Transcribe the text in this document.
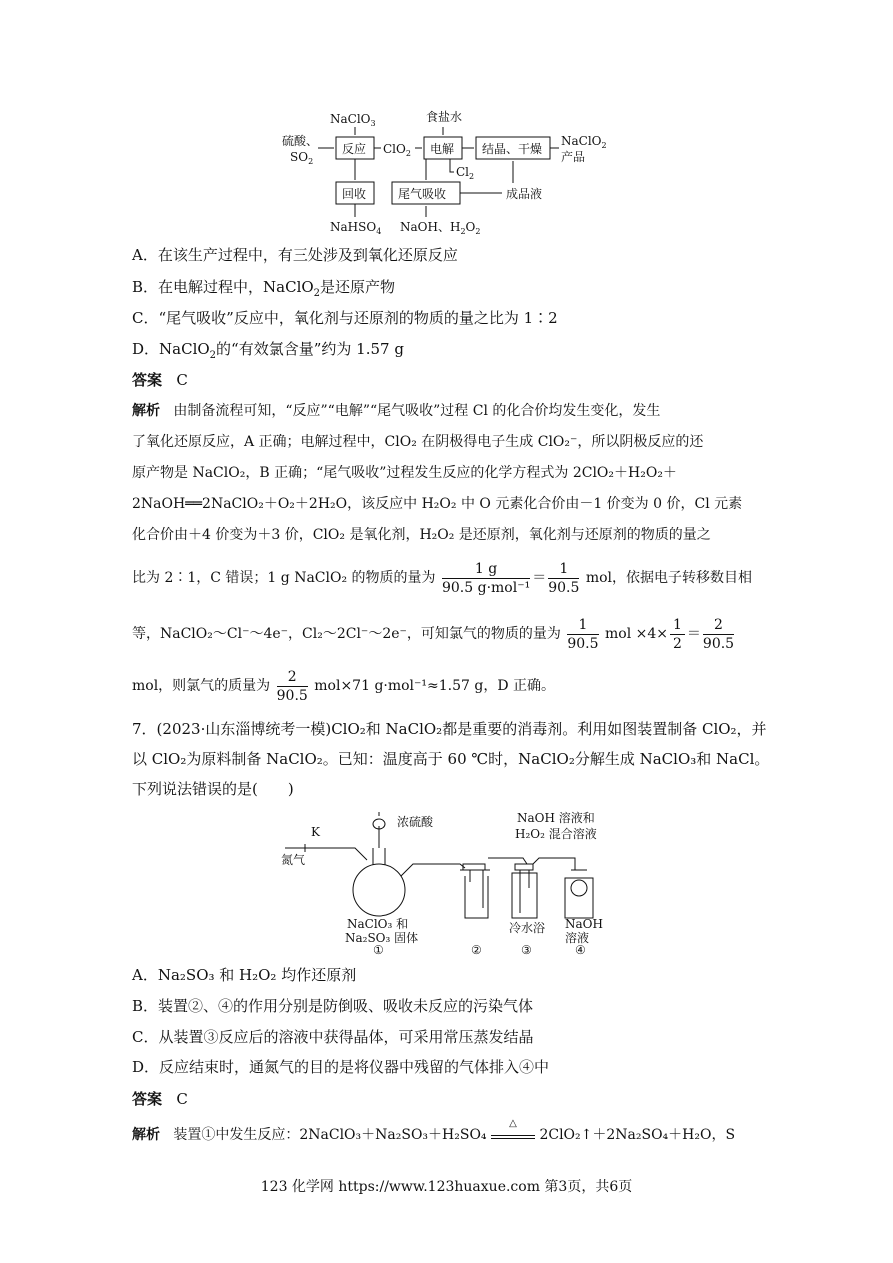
NaClO$_3$	食盐水
硫酸、
$SO_2$
反应 ClO$_2$ 电解 结晶、干燥
NaClO$_2$
产品
$Cl_2$
回收	尾气吸收	成品液
NaHSO$_4$ NaOH、$H_2O_2$
A．在该生产过程中，有三处涉及到氧化还原反应
B．在电解过程中，NaClO$_2$是还原产物
C．“尾气吸收”反应中，氧化剂与还原剂的物质的量之比为 1∶2
D．NaClO$_2$的“有效氯含量”约为 1.57 g
答案 C
解析 由制备流程可知，“反应”“电解”“尾气吸收”过程 Cl 的化合价均发生变化，发生
了氧化还原反应，A 正确；电解过程中，ClO₂ 在阴极得电子生成 ClO₂⁻，所以阴极反应的还
原产物是 NaClO₂，B 正确；“尾气吸收”过程发生反应的化学方程式为 2ClO₂＋H₂O₂＋
2NaOH══2NaClO₂＋O₂＋2H₂O，该反应中 H₂O₂ 中 O 元素化合价由－1 价变为 0 价，Cl 元素
化合价由＋4 价变为＋3 价，ClO₂ 是氧化剂，H₂O₂ 是还原剂，氧化剂与还原剂的物质的量之
比为 2∶1，C 错误；1 g NaClO₂ 的物质的量为 $\frac{1 g}{\text{90.5 g·mol⁻¹}} = \frac{1}{90.5}$ mol，依据电子转移数目相
等，NaClO₂～Cl⁻～4e⁻，Cl₂～2Cl⁻～2e⁻，可知氯气的物质的量为 $\frac{1}{90.5}$ mol $\times 4\times \frac{1}{2} = \frac{2}{90.5}$
mol，则氯气的质量为 $\frac{2}{90.5} mol\times 71$ g·mol⁻¹≈1.57 g，D 正确。
7．(2023·山东淄博统考一模)ClO₂和 NaClO₂都是重要的消毒剂。利用如图装置制备 ClO₂，并
以 ClO₂为原料制备 NaClO₂。已知：温度高于 60 ℃时，NaClO₂分解生成 NaClO₃和 NaCl。
下列说法错误的是(　　)
K
氮气
浓硫酸	NaOH 溶液和
H₂O₂ 混合溶液
NaClO₃ 和
Na₂SO₃ 固体
冷水浴 NaOH
溶液
①	②	③	④
A．Na₂SO₃ 和 H₂O₂ 均作还原剂
B．装置②、④的作用分别是防倒吸、吸收未反应的污染气体
C．从装置③反应后的溶液中获得晶体，可采用常压蒸发结晶
D．反应结束时，通氮气的目的是将仪器中残留的气体排入④中
答案 C
解析 装置①中发生反应：2NaClO₃＋Na₂SO₃＋H₂SO₄
△
2ClO₂↑＋2Na₂SO₄＋H₂O，S
123 化学网 https://www.123huaxue.com 第3页，共6页
